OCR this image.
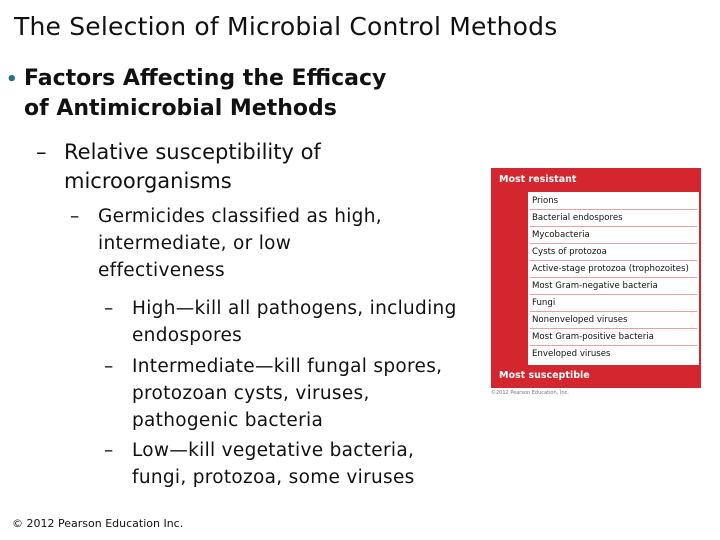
The Selection of Microbial Control Methods
• Factors Affecting the Efficacy
of Antimicrobial Methods
– Relative susceptibility of
microorganisms
– Germicides classified as high,
intermediate, or low
effectiveness
– High—kill all pathogens, including
endospores
– Intermediate—kill fungal spores,
protozoan cysts, viruses,
pathogenic bacteria
– Low—kill vegetative bacteria,
fungi, protozoa, some viruses
© 2012 Pearson Education Inc.
Most resistant
Prions
Bacterial endospores
Mycobacteria
Cysts of protozoa
Active-stage protozoa (trophozoites)
Most Gram-negative bacteria
Fungi
Nonenveloped viruses
Most Gram-positive bacteria
Enveloped viruses
Most susceptible
©2012 Pearson Education, Inc.
